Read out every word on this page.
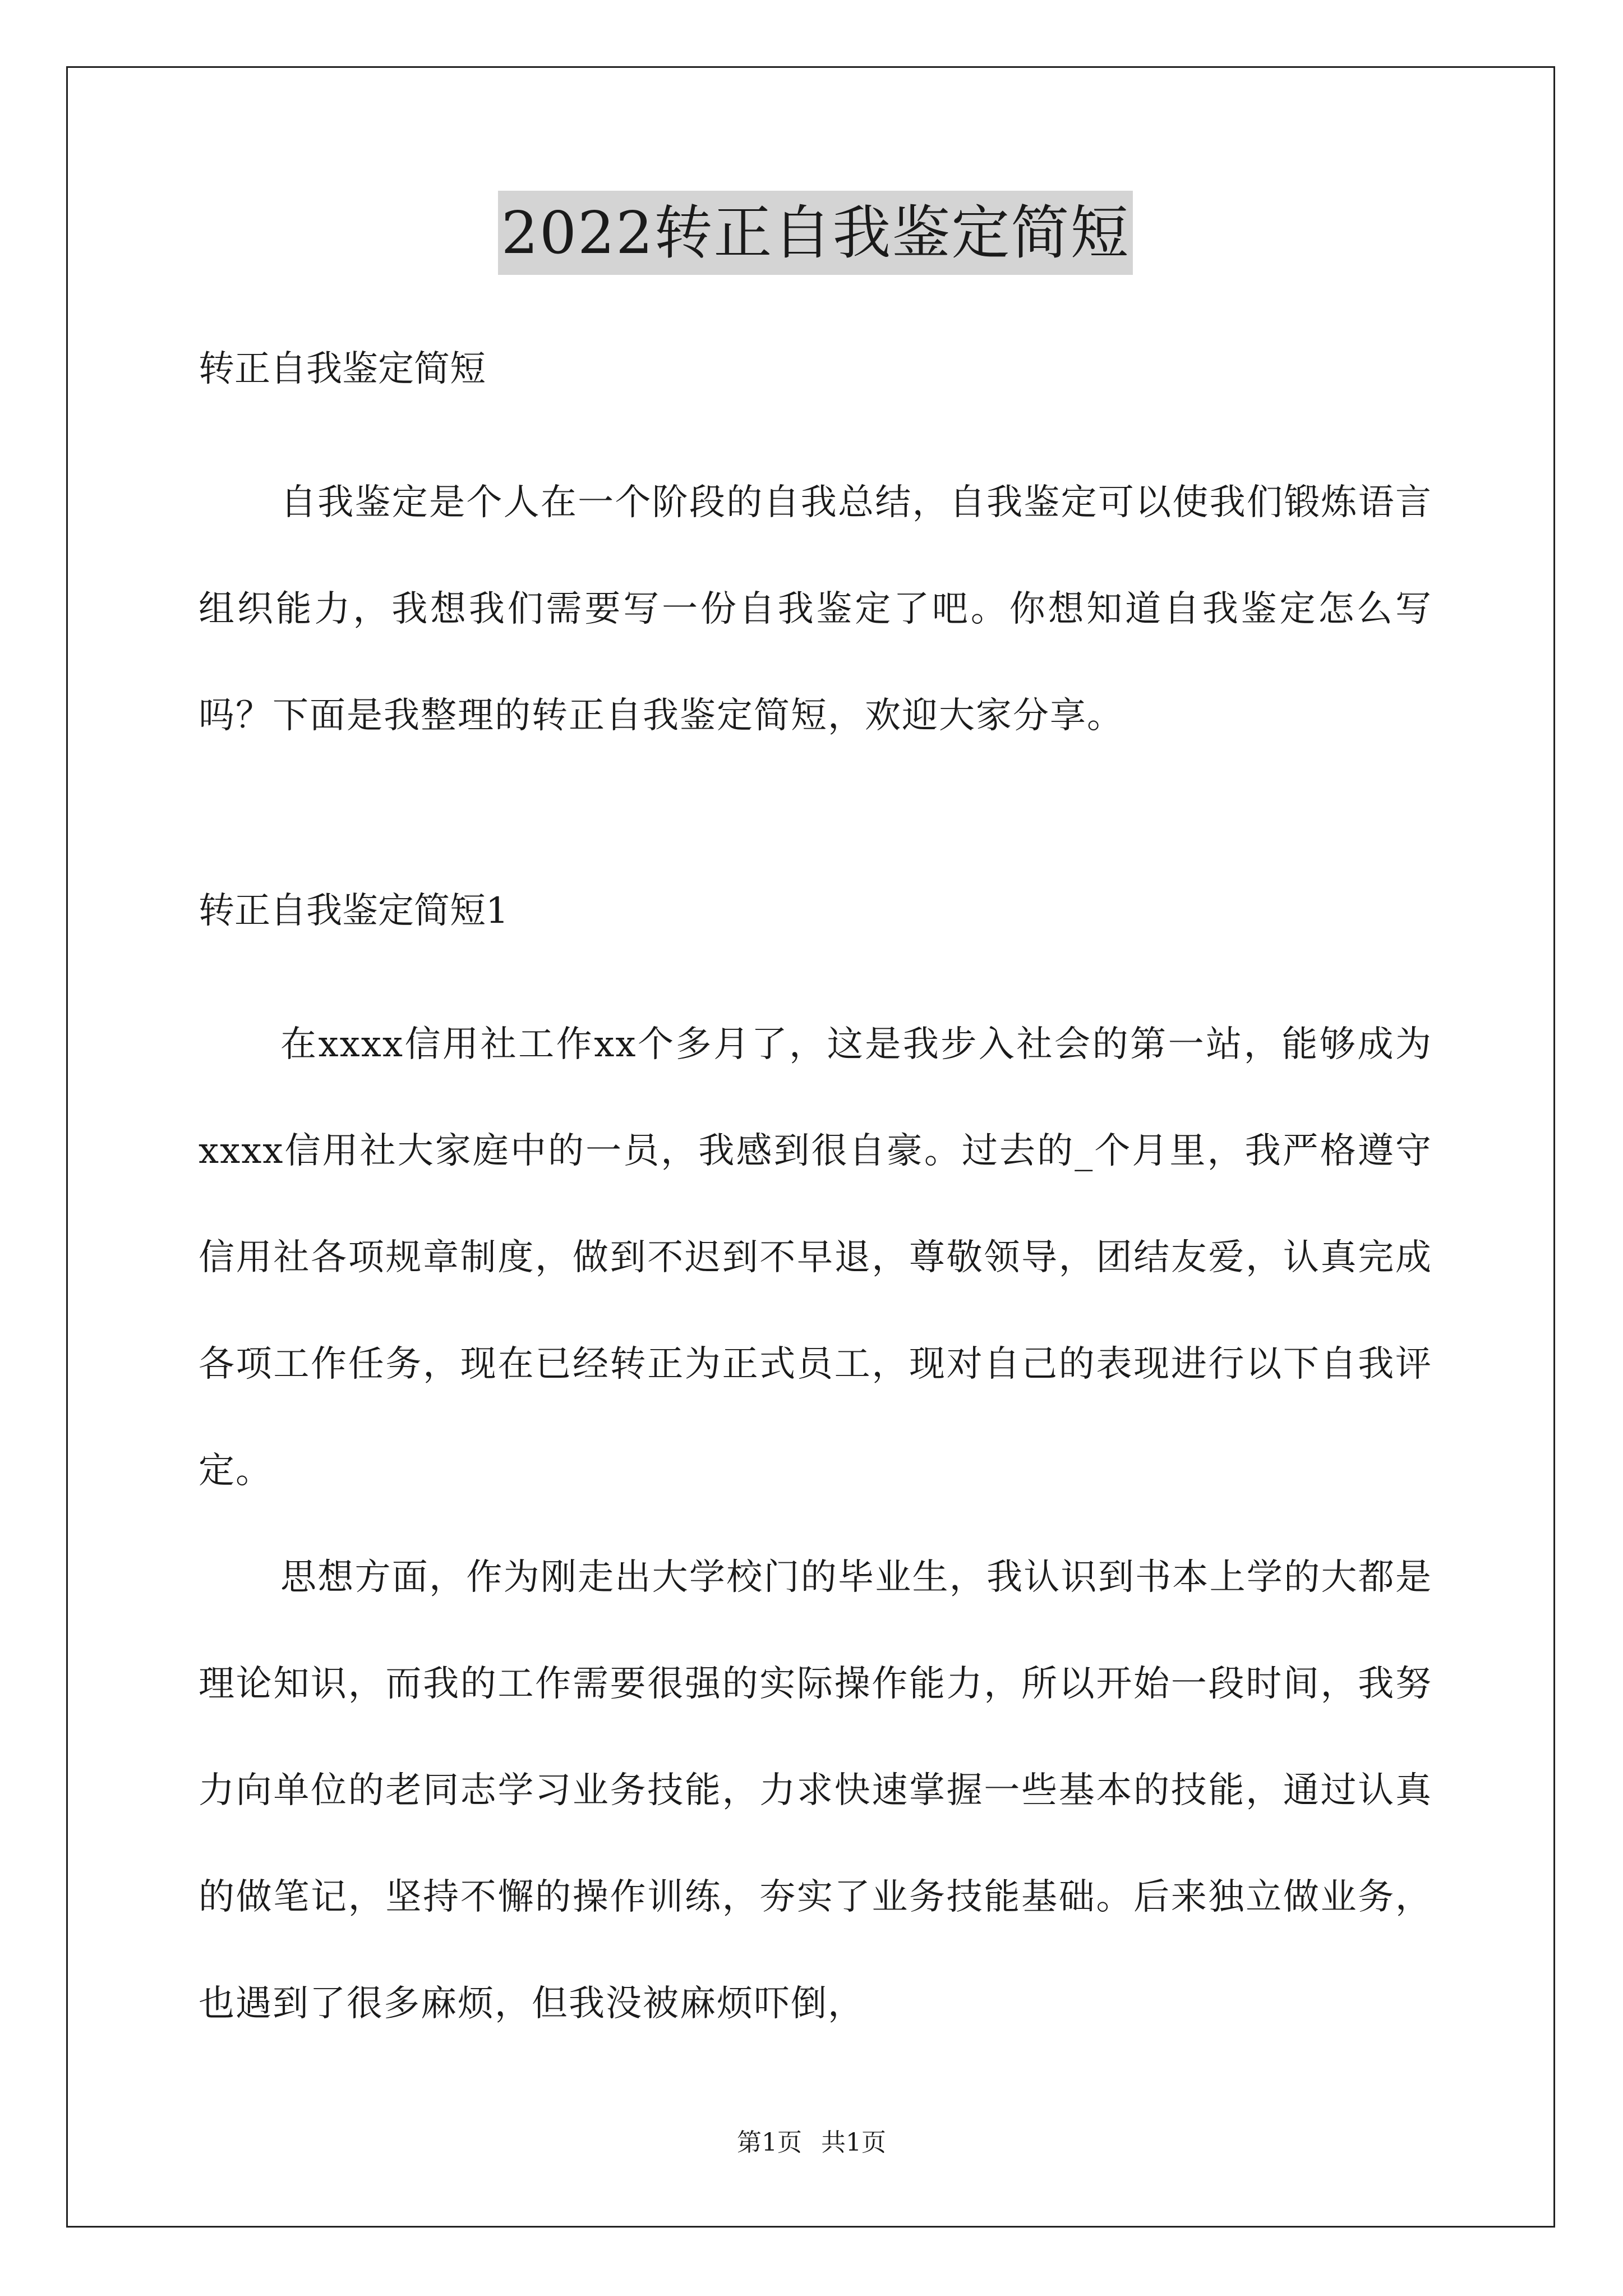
2022转正自我鉴定简短

转正自我鉴定简短

自我鉴定是个人在一个阶段的自我总结，自我鉴定可以使我们锻炼语言组织能力，我想我们需要写一份自我鉴定了吧。你想知道自我鉴定怎么写吗？下面是我整理的转正自我鉴定简短，欢迎大家分享。

转正自我鉴定简短1

在xxxx信用社工作xx个多月了，这是我步入社会的第一站，能够成为xxxx信用社大家庭中的一员，我感到很自豪。过去的_个月里，我严格遵守信用社各项规章制度，做到不迟到不早退，尊敬领导，团结友爱，认真完成各项工作任务，现在已经转正为正式员工，现对自己的表现进行以下自我评定。

思想方面，作为刚走出大学校门的毕业生，我认识到书本上学的大都是理论知识，而我的工作需要很强的实际操作能力，所以开始一段时间，我努力向单位的老同志学习业务技能，力求快速掌握一些基本的技能，通过认真的做笔记，坚持不懈的操作训练，夯实了业务技能基础。后来独立做业务，也遇到了很多麻烦，但我没被麻烦吓倒，

第1页 共1页
